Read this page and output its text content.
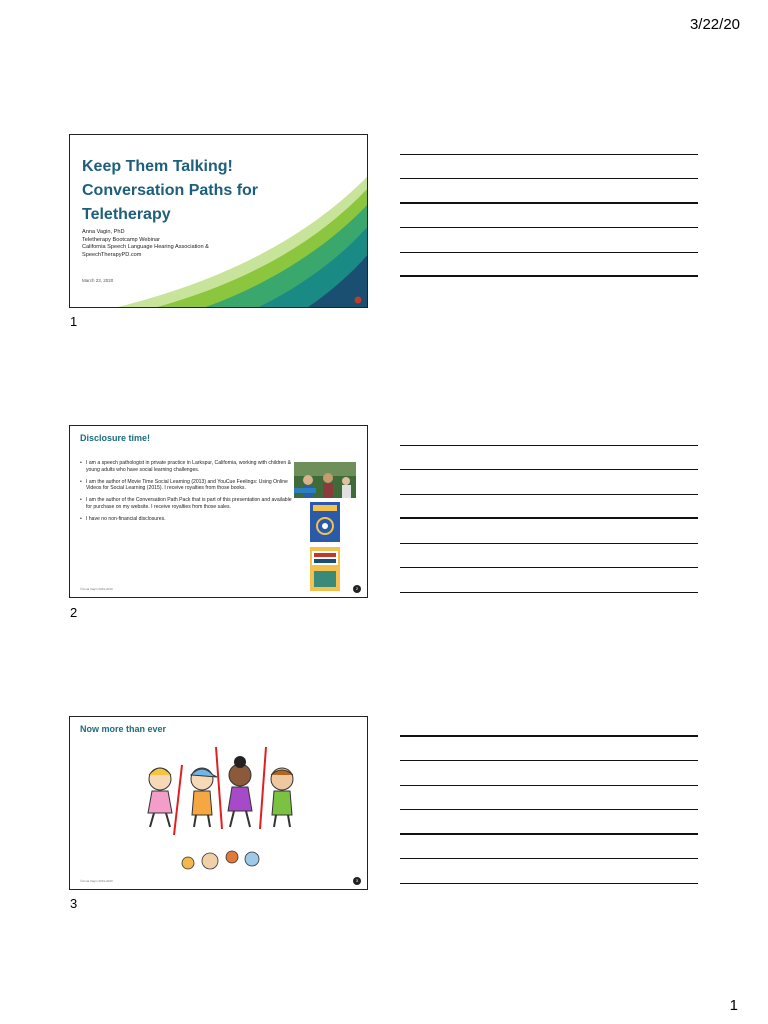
3/22/20
Keep Them Talking!
Conversation Paths for
Teletherapy
Anna Vagin, PhD
Teletherapy Bootcamp Webinar
California Speech Language Hearing Association &
SpeechTherapyPD.com
March 23, 2020
1
Disclosure time!
• I am a speech pathologist in private practice in Larkspur, California, working with children & young adults who have social learning challenges.
• I am the author of Movie Time Social Learning (2013) and YouCue Feelings: Using Online Videos for Social Learning (2015). I receive royalties from those books.
• I am the author of the Conversation Path Pack that is part of this presentation and available for purchase on my website. I receive royalties from those sales.
• I have no non-financial disclosures.
©Anna Vagin 2019-2020	2
2
Now more than ever
©Anna Vagin 2019-2020	3
3
1
